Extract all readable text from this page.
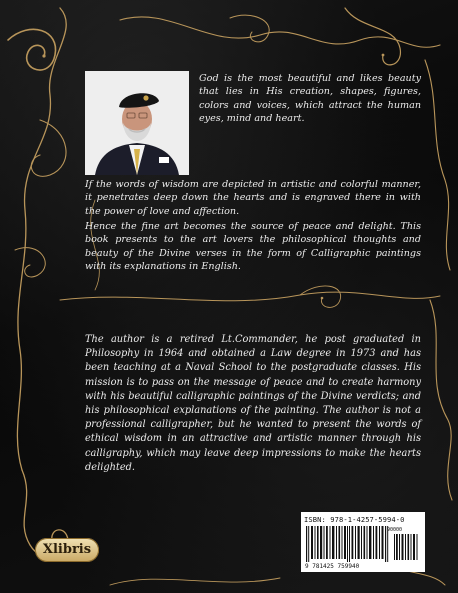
God is the most beautiful and likes beauty that lies in His creation, shapes, figures, colors and voices, which attract the human eyes, mind and heart.

If the words of wisdom are depicted in artistic and colorful manner, it penetrates deep down the hearts and is engraved there in with the power of love and affection.

Hence the fine art becomes the source of peace and delight. This book presents to the art lovers the philosophical thoughts and beauty of the Divine verses in the form of Calligraphic paintings with its explanations in English.

The author is a retired Lt.Commander, he post graduated in Philosophy in 1964 and obtained a Law degree in 1973 and has been teaching at a Naval School to the postgraduate classes. His mission is to pass on the message of peace and to create harmony with his beautiful calligraphic paintings of the Divine verdicts; and his philosophical explanations of the painting. The author is not a professional calligrapher, but he wanted to present the words of ethical wisdom in an attractive and artistic manner through his calligraphy, which may leave deep impressions to make the hearts delighted.

Xlibris
ISBN: 978-1-4257-5994-0
9 781425 759940
90000
